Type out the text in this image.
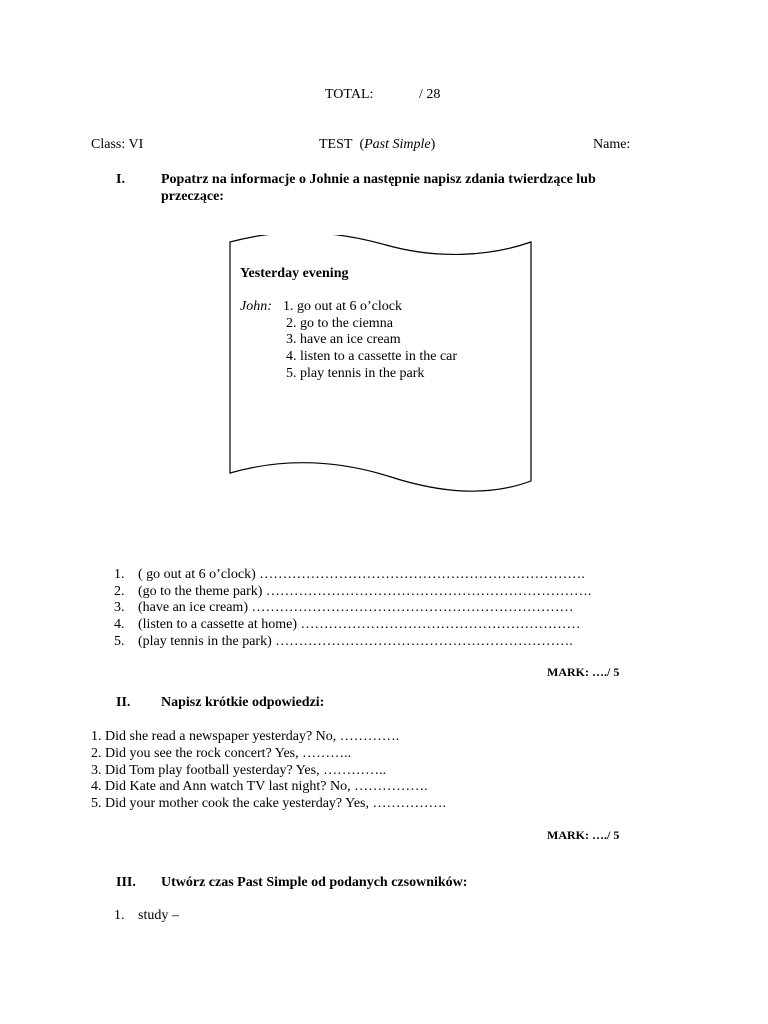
TOTAL:	/ 28
Class: VI	TEST  (Past Simple)	Name:
I.	Popatrz na informacje o Johnie a następnie napisz zdania twierdzące lub
przeczące:
Yesterday evening
John: 1. go out at 6 o’clock
2. go to the ciemna
3. have an ice cream
4. listen to a cassette in the car
5. play tennis in the park
1. ( go out at 6 o’clock) …………………………………………………………….
2. (go to the theme park) …………………………………………………………….
3. (have an ice cream) ……………………………………………………………
4. (listen to a cassette at home) ……………………………………………………
5. (play tennis in the park) ……………………………………………………….
MARK: …./ 5
II. Napisz krótkie odpowiedzi:
1. Did she read a newspaper yesterday? No, ………….
2. Did you see the rock concert? Yes, ………..
3. Did Tom play football yesterday? Yes, …………..
4. Did Kate and Ann watch TV last night? No, …………….
5. Did your mother cook the cake yesterday? Yes, …………….
MARK: …./ 5
III. Utwórz czas Past Simple od podanych czsowników:
1. study –
